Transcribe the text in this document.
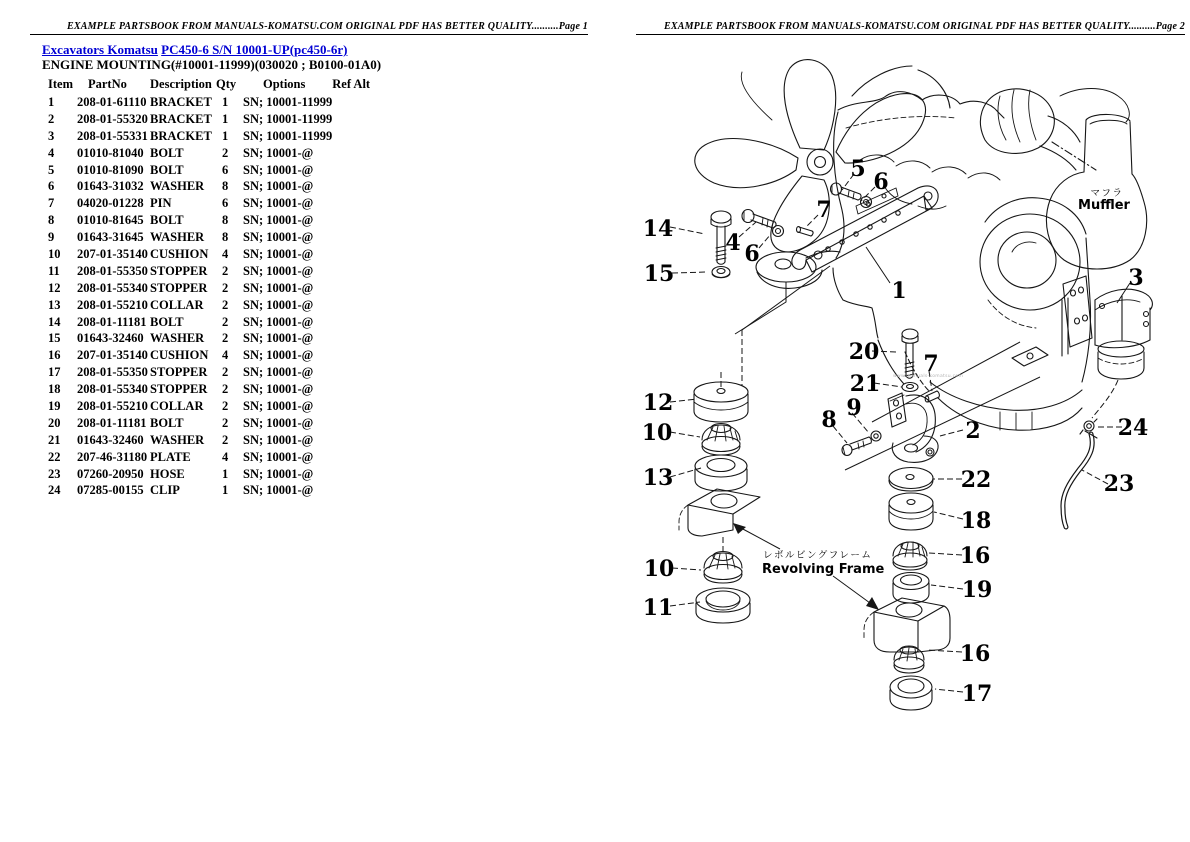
EXAMPLE PARTSBOOK FROM MANUALS-KOMATSU.COM ORIGINAL PDF HAS BETTER QUALITY..........Page 1	EXAMPLE PARTSBOOK FROM MANUALS-KOMATSU.COM ORIGINAL PDF HAS BETTER QUALITY..........Page 2
Excavators Komatsu PC450-6 S/N 10001-UP(pc450-6r)
ENGINE MOUNTING(#10001-11999)(030020 ; B0100-01A0)
Item	PartNo	Description	Qty	Options	Ref Alt
1	208-01-61110	BRACKET	1	SN; 10001-11999	
2	208-01-55320	BRACKET	1	SN; 10001-11999	
3	208-01-55331	BRACKET	1	SN; 10001-11999	
4	01010-81040	BOLT	2	SN; 10001-@	
5	01010-81090	BOLT	6	SN; 10001-@	
6	01643-31032	WASHER	8	SN; 10001-@	
7	04020-01228	PIN	6	SN; 10001-@	
8	01010-81645	BOLT	8	SN; 10001-@	
9	01643-31645	WASHER	8	SN; 10001-@	
10	207-01-35140	CUSHION	4	SN; 10001-@	
11	208-01-55350	STOPPER	2	SN; 10001-@	
12	208-01-55340	STOPPER	2	SN; 10001-@	
13	208-01-55210	COLLAR	2	SN; 10001-@	
14	208-01-11181	BOLT	2	SN; 10001-@	
15	01643-32460	WASHER	2	SN; 10001-@	
16	207-01-35140	CUSHION	4	SN; 10001-@	
17	208-01-55350	STOPPER	2	SN; 10001-@	
18	208-01-55340	STOPPER	2	SN; 10001-@	
19	208-01-55210	COLLAR	2	SN; 10001-@	
20	208-01-11181	BOLT	2	SN; 10001-@	
21	01643-32460	WASHER	2	SN; 10001-@	
22	207-46-31180	PLATE	4	SN; 10001-@	
23	07260-20950	HOSE	1	SN; 10001-@	
24	07285-00155	CLIP	1	SN; 10001-@	
マフラ
Muffler
レボルビングフレーム
Revolving Frame
www.manuals-komatsu.com
1
2
3
4
5 6
6
7
7
8 9
10
10
11
12
13
14
15
16
16
17
18
19
20
21
22	23
24
